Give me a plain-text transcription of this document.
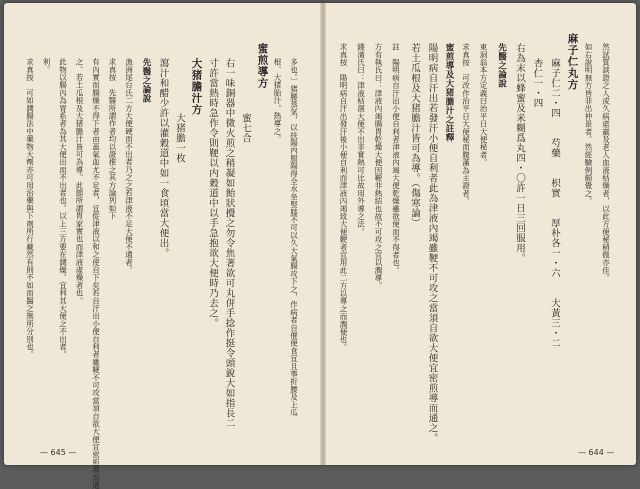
多也。〕猪腰蒸気，以扶陽内服陽得全水坐竪膝不可以久大氣腸攻下之，作病者自催便食宜且事折腰及上瓜
根、大猪胎汁，熱導之。
蜜煎導方
蜜七合
右一味銅器中微火煎之稍凝如飴狀攪之勿令焦著欲可丸併手捻作挺令頭銳大如指長二
寸許當熱時急作令則鞕以内穀道中以手急抱欲大便時乃去之。
大猪膽汁方
大猪膽一枚
瀉汁和醋少許以灌穀道中如一食頃當大便出。
先醫之論說
漁洲尾台氏二方大便硬而不出者乃之之若津液不足大便不通者。
求真按　先醫所謂作者均以證推之其方論列如下
有內實而腸燥不得下者由蓋氣血尤不足者，宜從津液以和之使自下矣若自汗出小便自利者雖鞕不可攻當須自欲大便宜密煎導而通
之。若土瓜根及大猪膽汁皆可為導。此節所謂胃家實也而津液虛燥者也。
此物以腸內為胃系者為其大便出而不出者也。以上三方要在潤燥。宜利其大便之不出者。
利。
求真按　可如潤腸法中藥物大劑亦可用治藥與下剤所行藏然有則不如而醫之無所分別也。	然試質談證之人或久病虛羸及老人血液枯燥者，以此方便秘稍微亦佳。
如右說明無方皆非出仲景者。然經驗例頗覺之。
麻子仁丸方
麻子仁二・四　　芍藥　　枳實　　厚朴各一・六　　大黃三・二
杏仁一・四
右為末以蜂蜜及米糊爲丸四・〇許一日三回服用。
先醫之論說
東洞翁本方定義曰治平日大便秘者。
求真按　可改作治平日大便秘而腹滿為主證者。
蜜煎導及大猪膽汁之註釋
陽明病自汗出若發汗小便自利者此為津液內竭雖鞕不可攻之當須自欲大便宜密煎導而通之。
若土瓜根及大猪膽汁皆可為導。（傷寒論）
註　陽明病自汗出小便自利者津液內竭大便乾燥雖欲便而不得者也。
方有執氏曰：津液內竭腸胃乾燥大便因鞕非熱結也故不可攻之宜以潤導。
錢潢氏曰：津液枯涸大便不出非實熱可比故用外導之法。
求真按　陽明病自汗出發汗後小便自利而津液內竭致大便鞕者宜用此二方以導之而潤便也。
— 645 —	— 644 —
